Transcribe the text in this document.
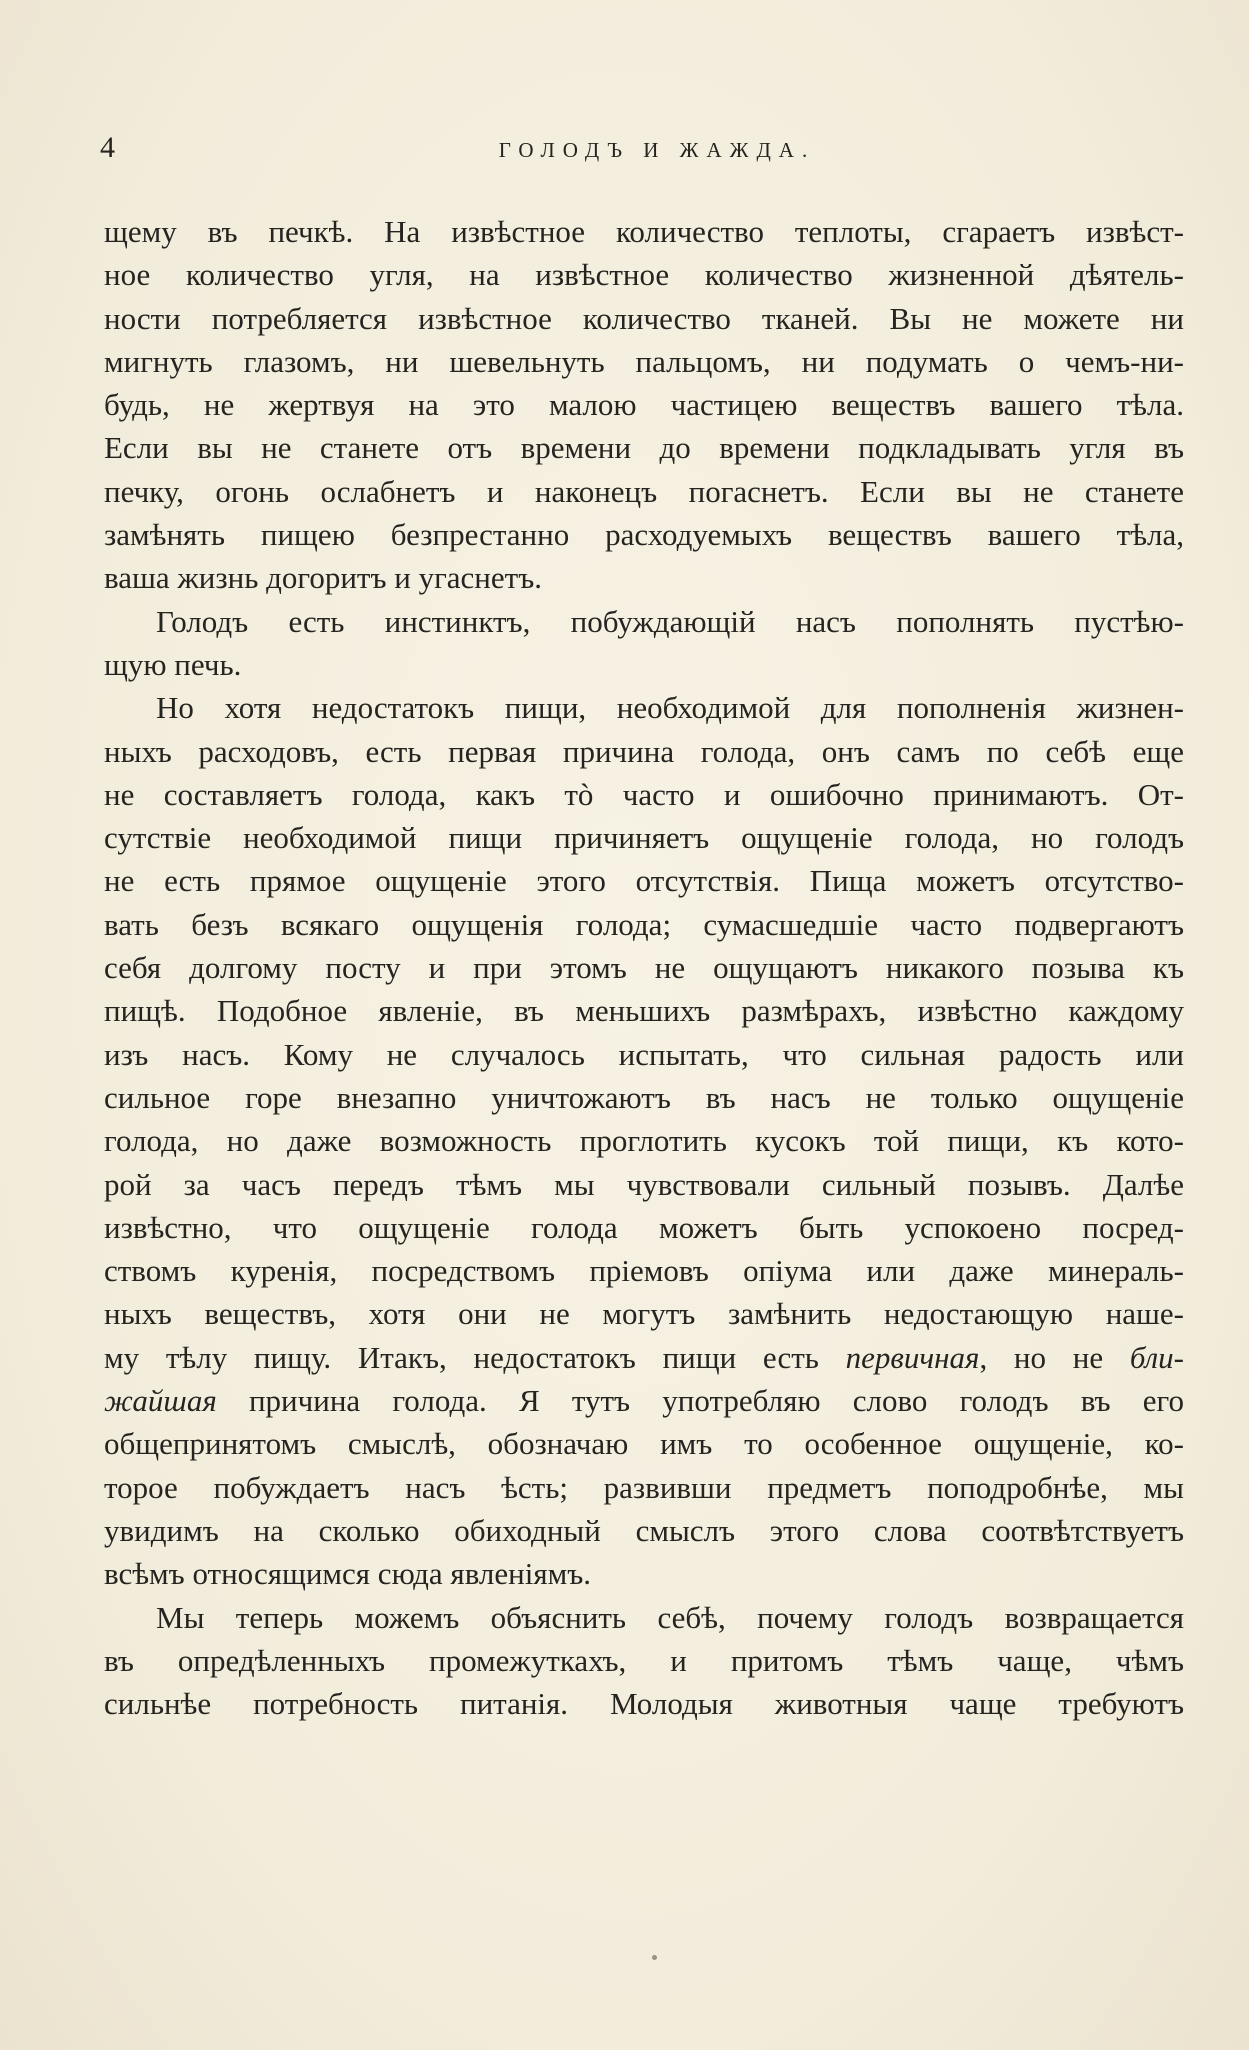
4	ГОЛОДЪ И ЖАЖДА.
щему въ печкѣ. На извѣстное количество теплоты, сгараетъ извѣст-
ное количество угля, на извѣстное количество жизненной дѣятель-
ности потребляется извѣстное количество тканей. Вы не можете ни
мигнуть глазомъ, ни шевельнуть пальцомъ, ни подумать о чемъ-ни-
будь, не жертвуя на это малою частицею веществъ вашего тѣла.
Если вы не станете отъ времени до времени подкладывать угля въ
печку, огонь ослабнетъ и наконецъ погаснетъ. Если вы не станете
замѣнять пищею безпрестанно расходуемыхъ веществъ вашего тѣла,
ваша жизнь догоритъ и угаснетъ.
Голодъ есть инстинктъ, побуждающій насъ пополнять пустѣю-
щую печь.
Но хотя недостатокъ пищи, необходимой для пополненія жизнен-
ныхъ расходовъ, есть первая причина голода, онъ самъ по себѣ еще
не составляетъ голода, какъ тò часто и ошибочно принимаютъ. От-
сутствіе необходимой пищи причиняетъ ощущеніе голода, но голодъ
не есть прямое ощущеніе этого отсутствія. Пища можетъ отсутство-
вать безъ всякаго ощущенія голода; сумасшедшіе часто подвергаютъ
себя долгому посту и при этомъ не ощущаютъ никакого позыва къ
пищѣ. Подобное явленіе, въ меньшихъ размѣрахъ, извѣстно каждому
изъ насъ. Кому не случалось испытать, что сильная радость или
сильное горе внезапно уничтожаютъ въ насъ не только ощущеніе
голода, но даже возможность проглотить кусокъ той пищи, къ кото-
рой за часъ передъ тѣмъ мы чувствовали сильный позывъ. Далѣе
извѣстно, что ощущеніе голода можетъ быть успокоено посред-
ствомъ куренія, посредствомъ пріемовъ опіума или даже минераль-
ныхъ веществъ, хотя они не могутъ замѣнить недостающую наше-
му тѣлу пищу. Итакъ, недостатокъ пищи есть первичная, но не бли-
жайшая причина голода. Я тутъ употребляю слово голодъ въ его
общепринятомъ смыслѣ, обозначаю имъ то особенное ощущеніе, ко-
торое побуждаетъ насъ ѣсть; развивши предметъ поподробнѣе, мы
увидимъ на сколько обиходный смыслъ этого слова соотвѣтствуетъ
всѣмъ относящимся сюда явленіямъ.
Мы теперь можемъ объяснить себѣ, почему голодъ возвращается
въ опредѣленныхъ промежуткахъ, и притомъ тѣмъ чаще, чѣмъ
сильнѣе потребность питанія. Молодыя животныя чаще требуютъ
